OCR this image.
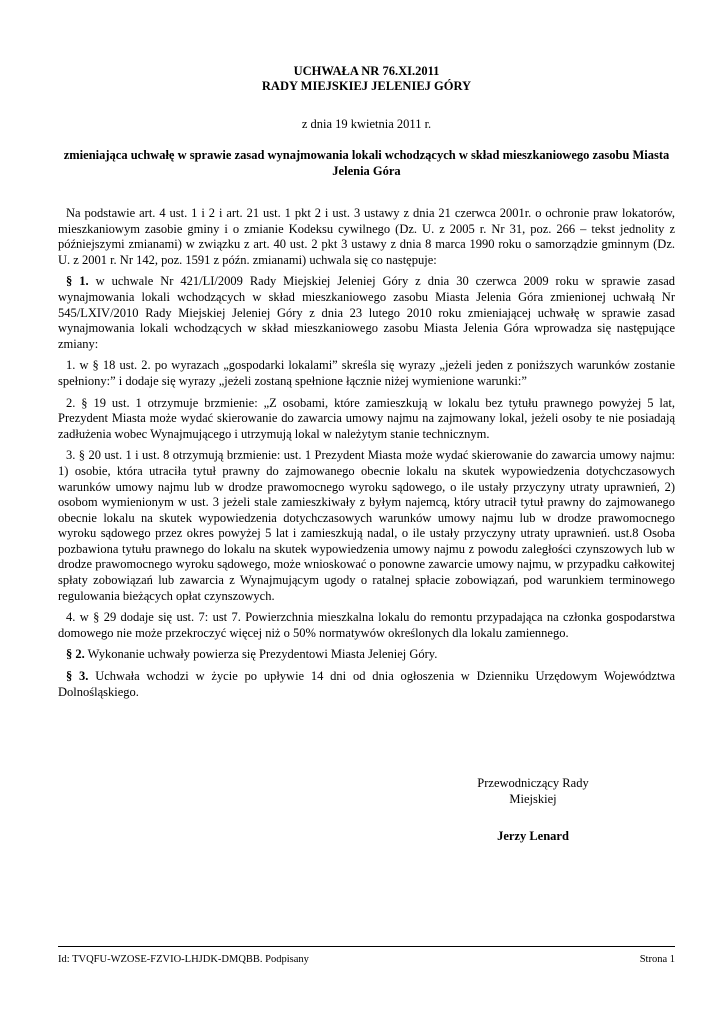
UCHWAŁA NR 76.XI.2011
RADY MIEJSKIEJ JELENIEJ GÓRY
z dnia 19 kwietnia 2011 r.
zmieniająca uchwałę w sprawie zasad wynajmowania lokali wchodzących w skład mieszkaniowego zasobu Miasta Jelenia Góra

Na podstawie art. 4 ust. 1 i 2 i art. 21 ust. 1 pkt 2 i ust. 3 ustawy z dnia 21 czerwca 2001r. o ochronie praw lokatorów, mieszkaniowym zasobie gminy i o zmianie Kodeksu cywilnego (Dz. U. z 2005 r. Nr 31, poz. 266 – tekst jednolity z późniejszymi zmianami) w związku z art. 40 ust. 2 pkt 3 ustawy z dnia 8 marca 1990 roku o samorządzie gminnym (Dz. U. z 2001 r. Nr 142, poz. 1591 z późn. zmianami) uchwala się co następuje:

§ 1. w uchwale Nr 421/LI/2009 Rady Miejskiej Jeleniej Góry z dnia 30 czerwca 2009 roku w sprawie zasad wynajmowania lokali wchodzących w skład mieszkaniowego zasobu Miasta Jelenia Góra zmienionej uchwałą Nr 545/LXIV/2010 Rady Miejskiej Jeleniej Góry z dnia 23 lutego 2010 roku zmieniającej uchwałę w sprawie zasad wynajmowania lokali wchodzących w skład mieszkaniowego zasobu Miasta Jelenia Góra wprowadza się następujące zmiany:

1. w § 18 ust. 2. po wyrazach „gospodarki lokalami” skreśla się wyrazy „jeżeli jeden z poniższych warunków zostanie spełniony:” i dodaje się wyrazy „jeżeli zostaną spełnione łącznie niżej wymienione warunki:”

2. § 19 ust. 1 otrzymuje brzmienie: „Z osobami, które zamieszkują w lokalu bez tytułu prawnego powyżej 5 lat, Prezydent Miasta może wydać skierowanie do zawarcia umowy najmu na zajmowany lokal, jeżeli osoby te nie posiadają zadłużenia wobec Wynajmującego i utrzymują lokal w należytym stanie technicznym.

3. § 20 ust. 1 i ust. 8 otrzymują brzmienie: ust. 1 Prezydent Miasta może wydać skierowanie do zawarcia umowy najmu: 1) osobie, która utraciła tytuł prawny do zajmowanego obecnie lokalu na skutek wypowiedzenia dotychczasowych warunków umowy najmu lub w drodze prawomocnego wyroku sądowego, o ile ustały przyczyny utraty uprawnień, 2) osobom wymienionym w ust. 3 jeżeli stale zamieszkiwały z byłym najemcą, który utracił tytuł prawny do zajmowanego obecnie lokalu na skutek wypowiedzenia dotychczasowych warunków umowy najmu lub w drodze prawomocnego wyroku sądowego przez okres powyżej 5 lat i zamieszkują nadal, o ile ustały przyczyny utraty uprawnień. ust.8 Osoba pozbawiona tytułu prawnego do lokalu na skutek wypowiedzenia umowy najmu z powodu zaległości czynszowych lub w drodze prawomocnego wyroku sądowego, może wnioskować o ponowne zawarcie umowy najmu, w przypadku całkowitej spłaty zobowiązań lub zawarcia z Wynajmującym ugody o ratalnej spłacie zobowiązań, pod warunkiem terminowego regulowania bieżących opłat czynszowych.

4. w § 29 dodaje się ust. 7: ust 7. Powierzchnia mieszkalna lokalu do remontu przypadająca na członka gospodarstwa domowego nie może przekroczyć więcej niż o 50% normatywów określonych dla lokalu zamiennego.

§ 2. Wykonanie uchwały powierza się Prezydentowi Miasta Jeleniej Góry.

§ 3. Uchwała wchodzi w życie po upływie 14 dni od dnia ogłoszenia w Dzienniku Urzędowym Województwa Dolnośląskiego.

Przewodniczący Rady
Miejskiej
Jerzy Lenard
Id: TVQFU-WZOSE-FZVIO-LHJDK-DMQBB. Podpisany	Strona 1
